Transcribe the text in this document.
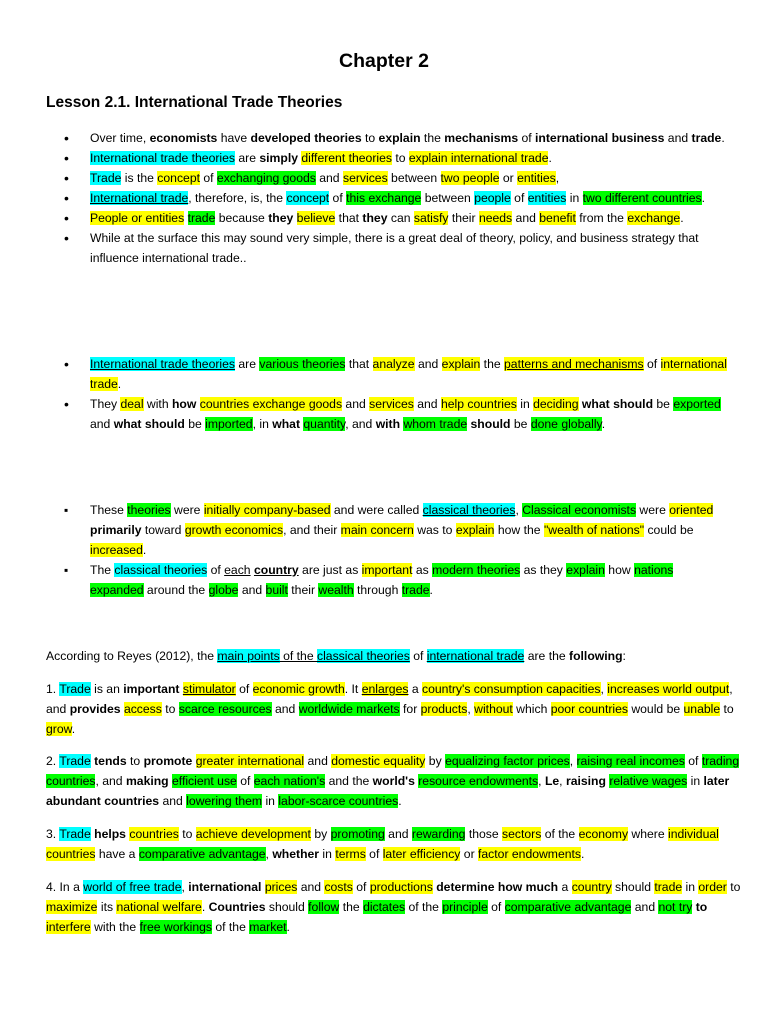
Chapter 2
Lesson 2.1. International Trade Theories
• Over time, economists have developed theories to explain the mechanisms of international business and trade.
• International trade theories are simply different theories to explain international trade.
• Trade is the concept of exchanging goods and services between two people or entities,
• International trade, therefore, is, the concept of this exchange between people of entities in two different countries.
• People or entities trade because they believe that they can satisfy their needs and benefit from the exchange.
• While at the surface this may sound very simple, there is a great deal of theory, policy, and business strategy that influence international trade..
• International trade theories are various theories that analyze and explain the patterns and mechanisms of international trade.
• They deal with how countries exchange goods and services and help countries in deciding what should be exported and what should be imported, in what quantity, and with whom trade should be done globally.
▪ These theories were initially company-based and were called classical theories, Classical economists were oriented primarily toward growth economics, and their main concern was to explain how the "wealth of nations" could be increased.
▪ The classical theories of each country are just as important as modern theories as they explain how nations expanded around the globe and built their wealth through trade.

According to Reyes (2012), the main points of the classical theories of international trade are the following:

1. Trade is an important stimulator of economic growth. It enlarges a country's consumption capacities, increases world output, and provides access to scarce resources and worldwide markets for products, without which poor countries would be unable to grow.

2. Trade tends to promote greater international and domestic equality by equalizing factor prices, raising real incomes of trading countries, and making efficient use of each nation's and the world's resource endowments, Le, raising relative wages in later abundant countries and lowering them in labor-scarce countries.

3. Trade helps countries to achieve development by promoting and rewarding those sectors of the economy where individual countries have a comparative advantage, whether in terms of later efficiency or factor endowments.

4. In a world of free trade, international prices and costs of productions determine how much a country should trade in order to maximize its national welfare. Countries should follow the dictates of the principle of comparative advantage and not try to interfere with the free workings of the market.
